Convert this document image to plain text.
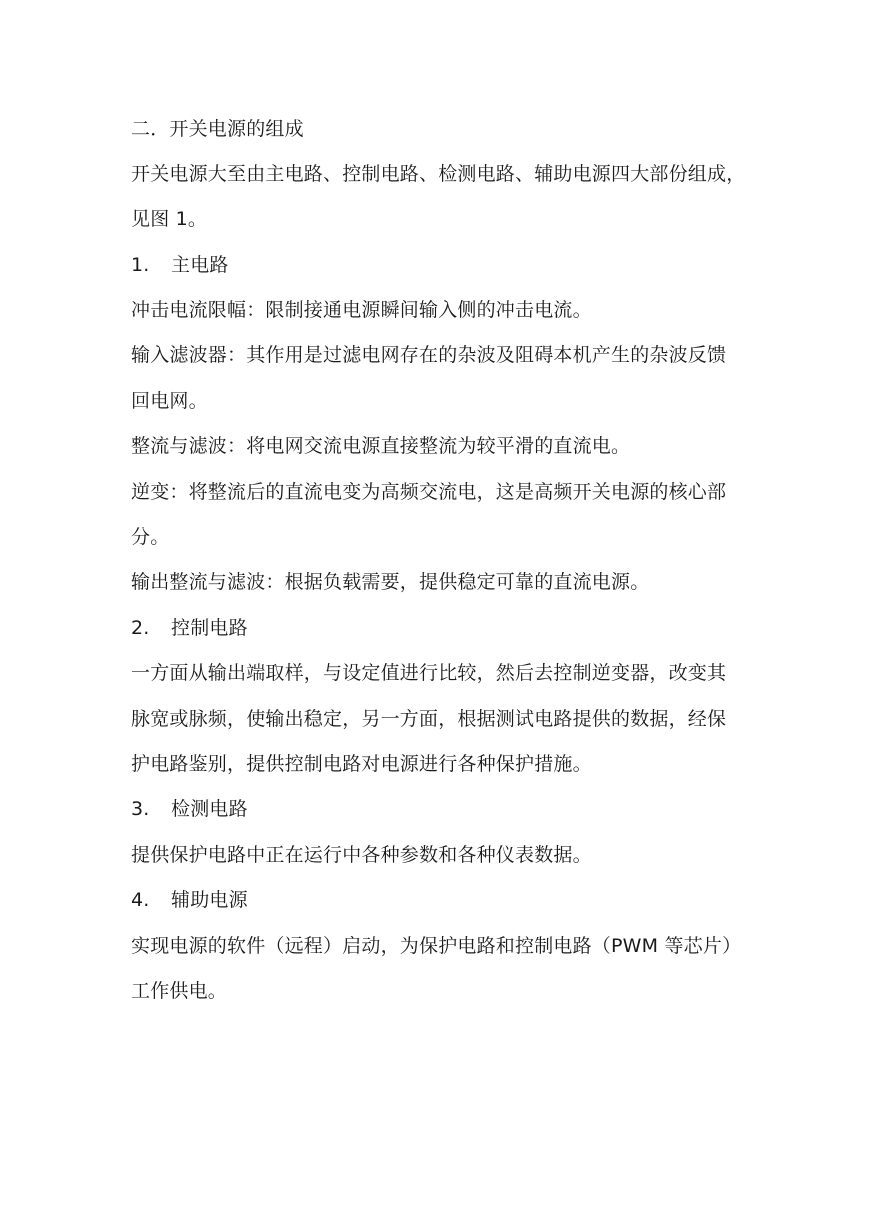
二．开关电源的组成
开关电源大至由主电路、控制电路、检测电路、辅助电源四大部份组成，
见图 1。
1. 主电路
冲击电流限幅：限制接通电源瞬间输入侧的冲击电流。
输入滤波器：其作用是过滤电网存在的杂波及阻碍本机产生的杂波反馈
回电网。
整流与滤波：将电网交流电源直接整流为较平滑的直流电。
逆变：将整流后的直流电变为高频交流电，这是高频开关电源的核心部
分。
输出整流与滤波：根据负载需要，提供稳定可靠的直流电源。
2. 控制电路
一方面从输出端取样，与设定值进行比较，然后去控制逆变器，改变其
脉宽或脉频，使输出稳定，另一方面，根据测试电路提供的数据，经保
护电路鉴别，提供控制电路对电源进行各种保护措施。
3. 检测电路
提供保护电路中正在运行中各种参数和各种仪表数据。
4. 辅助电源
实现电源的软件（远程）启动，为保护电路和控制电路（PWM 等芯片）
工作供电。
